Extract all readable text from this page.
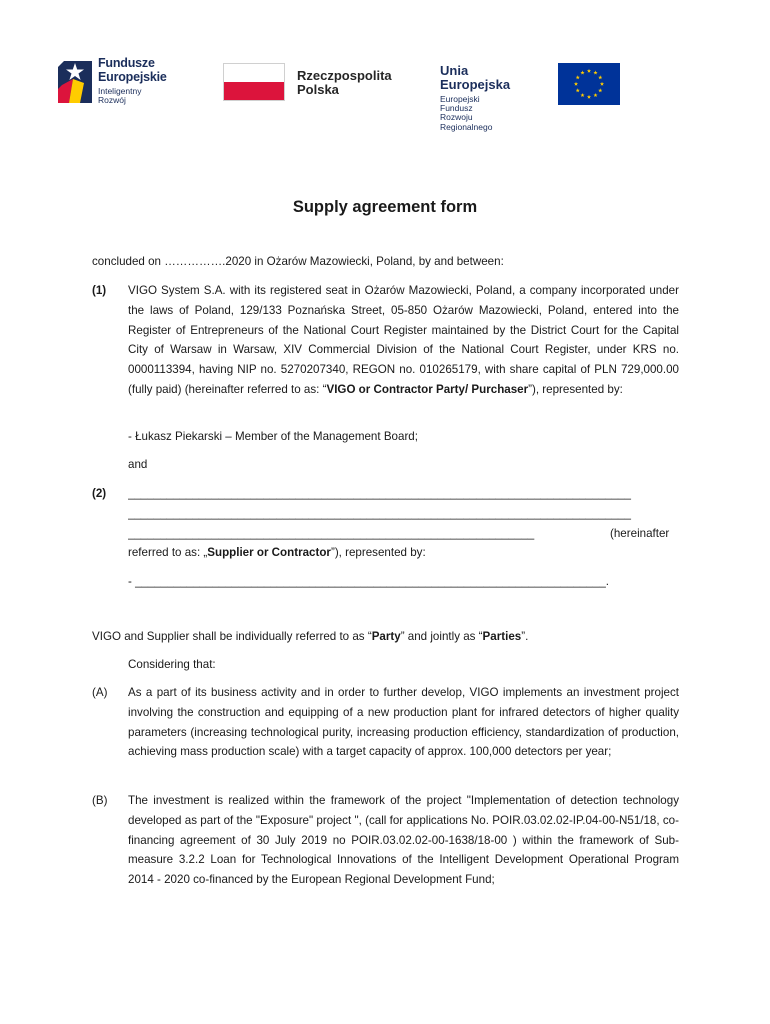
Fundusze
Europejskie
Inteligentny Rozwój
Rzeczpospolita
Polska
Unia Europejska
Europejski Fundusz
Rozwoju Regionalnego
Supply agreement form
concluded on …………….2020 in Ożarów Mazowiecki, Poland, by and between:
(1) VIGO System S.A. with its registered seat in Ożarów Mazowiecki, Poland, a company incorporated under the laws of Poland, 129/133 Poznańska Street, 05-850 Ożarów Mazowiecki, Poland, entered into the Register of Entrepreneurs of the National Court Register maintained by the District Court for the Capital City of Warsaw in Warsaw, XIV Commercial Division of the National Court Register, under KRS no. 0000113394, having NIP no. 5270207340, REGON no. 010265179, with share capital of PLN 729,000.00 (fully paid) (hereinafter referred to as: “VIGO or Contractor Party/ Purchaser”), represented by:
- Łukasz Piekarski – Member of the Management Board;
and
(2) ______________________________________________________________________________
______________________________________________________________________________
_______________________________________________________________	(hereinafter
referred to as: „Supplier or Contractor”), represented by:
- _________________________________________________________________________.
VIGO and Supplier shall be individually referred to as “Party” and jointly as “Parties”.
Considering that:
(A) As a part of its business activity and in order to further develop, VIGO implements an investment project involving the construction and equipping of a new production plant for infrared detectors of higher quality parameters (increasing technological purity, increasing production efficiency, standardization of production, achieving mass production scale) with a target capacity of approx. 100,000 detectors per year;
(B) The investment is realized within the framework of the project "Implementation of detection technology developed as part of the "Exposure" project ", (call for applications No. POIR.03.02.02-IP.04-00-N51/18, co-financing agreement of 30 July 2019 no POIR.03.02.02-00-1638/18-00 ) within the framework of Sub-measure 3.2.2 Loan for Technological Innovations of the Intelligent Development Operational Program 2014 - 2020 co-financed by the European Regional Development Fund;
